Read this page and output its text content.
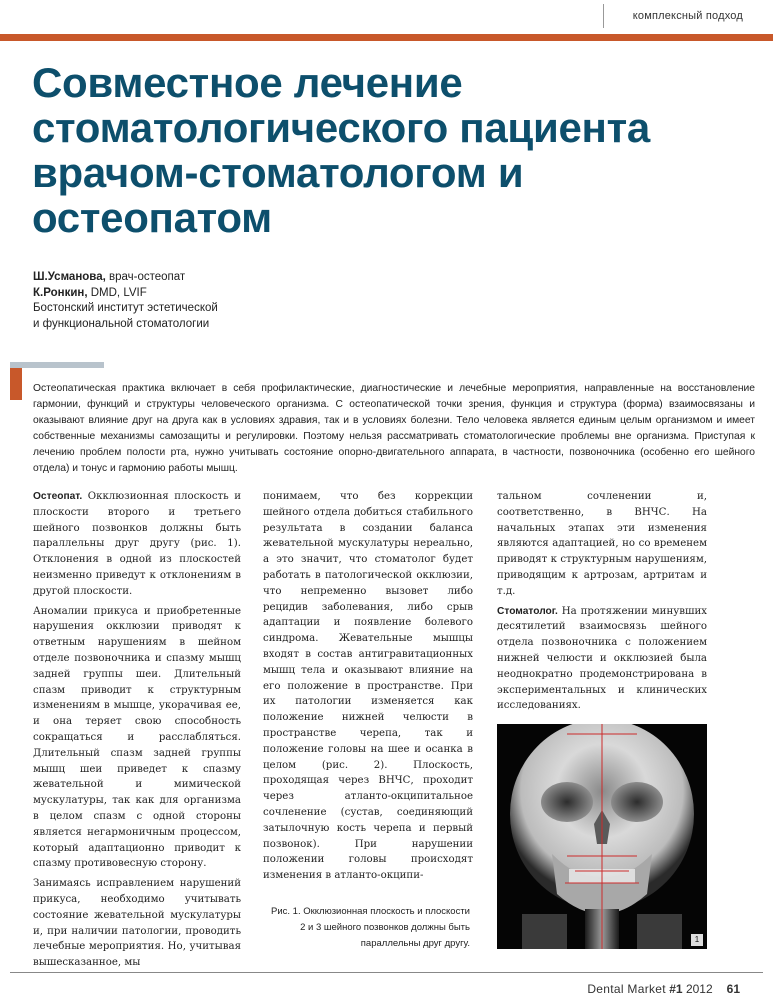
комплексный подход
Совместное лечение стоматологического пациента врачом-стоматологом и остеопатом
Ш.Усманова, врач-остеопат
К.Ронкин, DMD, LVIF
Бостонский институт эстетической
и функциональной стоматологии

Остеопатическая практика включает в себя профилактические, диагностические и лечебные мероприятия, направленные на восстановление гармонии, функций и структуры человеческого организма. С остеопатической точки зрения, функция и структура (форма) взаимосвязаны и оказывают влияние друг на друга как в условиях здравия, так и в условиях болезни. Тело человека является единым целым организмом и имеет собственные механизмы самозащиты и регулировки. Поэтому нельзя рассматривать стоматологические проблемы вне организма. Приступая к лечению проблем полости рта, нужно учитывать состояние опорно-двигательного аппарата, в частности, позвоночника (особенно его шейного отдела) и тонус и гармонию работы мышц.

Остеопат. Окклюзионная плоскость и плоскости второго и третьего шейного позвонков должны быть параллельны друг другу (рис. 1). Отклонения в одной из плоскостей неизменно приведут к отклонениям в другой плоскости.

Аномалии прикуса и приобретенные нарушения окклюзии приводят к ответным нарушениям в шейном отделе позвоночника и спазму мышц задней группы шеи. Длительный спазм приводит к структурным изменениям в мышце, укорачивая ее, и она теряет свою способность сокращаться и расслабляться. Длительный спазм задней группы мышц шеи приведет к спазму жевательной и мимической мускулатуры, так как для организма в целом спазм с одной стороны является негармоничным процессом, который адаптационно приводит к спазму противовесную сторону.

Занимаясь исправлением нарушений прикуса, необходимо учитывать состояние жевательной мускулатуры и, при наличии патологии, проводить лечебные мероприятия. Но, учитывая вышесказанное, мы

понимаем, что без коррекции шейного отдела добиться стабильного результата в создании баланса жевательной мускулатуры нереально, а это значит, что стоматолог будет работать в патологической окклюзии, что непременно вызовет либо рецидив заболевания, либо срыв адаптации и появление болевого синдрома. Жевательные мышцы входят в состав антигравитационных мышц тела и оказывают влияние на его положение в пространстве. При их патологии изменяется как положение нижней челюсти в пространстве черепа, так и положение головы на шее и осанка в целом (рис. 2). Плоскость, проходящая через ВНЧС, проходит через атланто-окципитальное сочленение (сустав, соединяющий затылочную кость черепа и первый позвонок). При нарушении положении головы происходят изменения в атланто-окципи-

тальном сочленении и, соответственно, в ВНЧС. На начальных этапах эти изменения являются адаптацией, но со временем приводят к структурным нарушениям, приводящим к артрозам, артритам и т.д.

Стоматолог. На протяжении минувших десятилетий взаимосвязь шейного отдела позвоночника с положением нижней челюсти и окклюзией была неоднократно продемонстрирована в экспериментальных и клинических исследованиях.

Рис. 1. Окклюзионная плоскость и плоскости
2 и 3 шейного позвонков должны быть
параллельны друг другу.	1
Dental Market #1 2012 61
